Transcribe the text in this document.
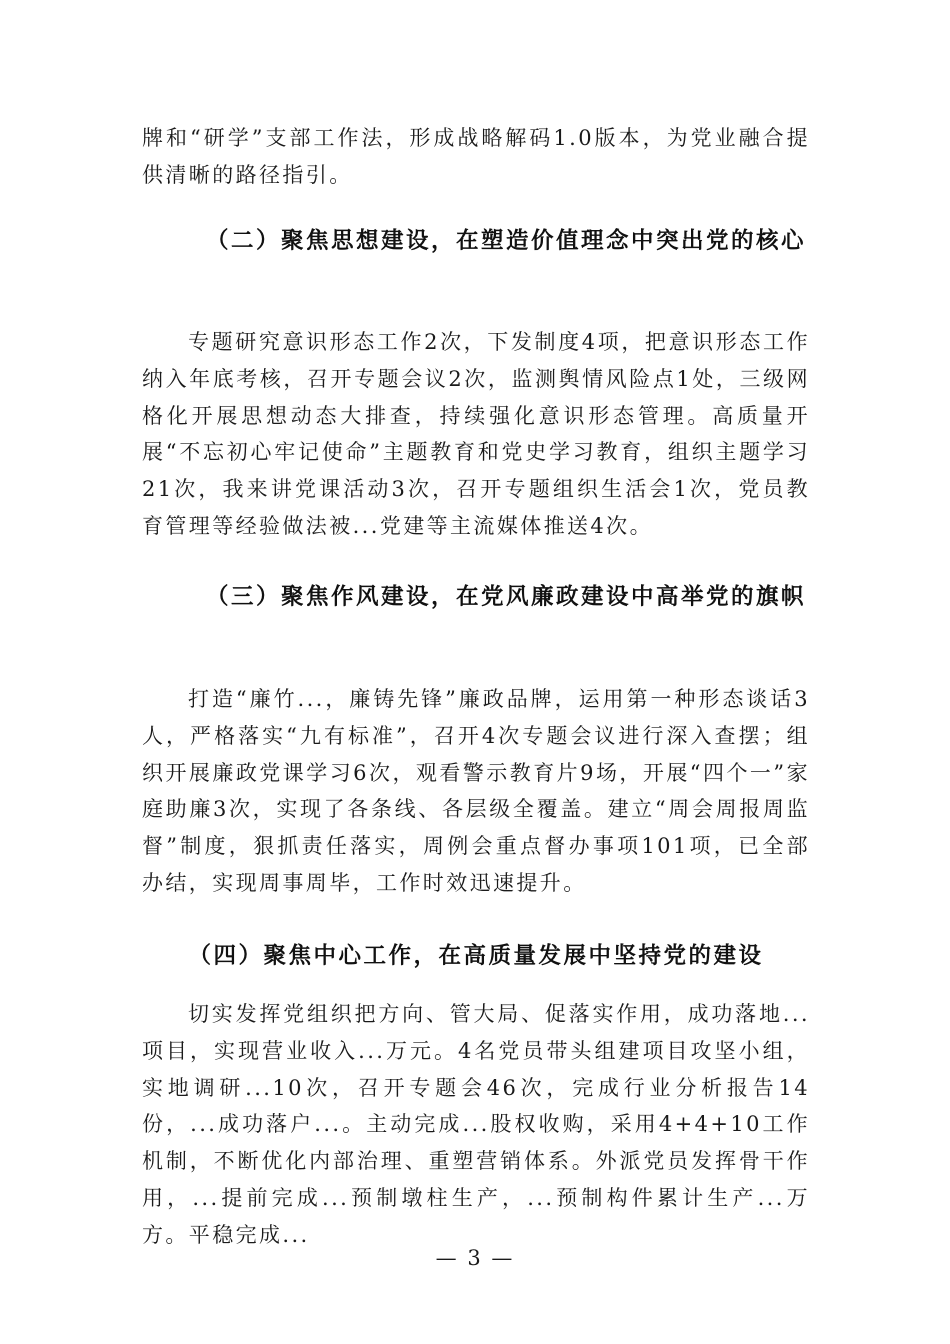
牌和“研学”支部工作法，形成战略解码1.0版本，为党业融合提供清晰的路径指引。

（二）聚焦思想建设，在塑造价值理念中突出党的核心

专题研究意识形态工作2次，下发制度4项，把意识形态工作纳入年底考核，召开专题会议2次，监测舆情风险点1处，三级网格化开展思想动态大排查，持续强化意识形态管理。高质量开展“不忘初心牢记使命”主题教育和党史学习教育，组织主题学习21次，我来讲党课活动3次，召开专题组织生活会1次，党员教育管理等经验做法被...党建等主流媒体推送4次。

（三）聚焦作风建设，在党风廉政建设中高举党的旗帜

打造“廉竹...，廉铸先锋”廉政品牌，运用第一种形态谈话3人，严格落实“九有标准”，召开4次专题会议进行深入查摆；组织开展廉政党课学习6次，观看警示教育片9场，开展“四个一”家庭助廉3次，实现了各条线、各层级全覆盖。建立“周会周报周监督”制度，狠抓责任落实，周例会重点督办事项101项，已全部办结，实现周事周毕，工作时效迅速提升。

（四）聚焦中心工作，在高质量发展中坚持党的建设

切实发挥党组织把方向、管大局、促落实作用，成功落地...项目，实现营业收入...万元。4名党员带头组建项目攻坚小组，实地调研...10次，召开专题会46次，完成行业分析报告14份，...成功落户...。主动完成...股权收购，采用4+4+10工作机制，不断优化内部治理、重塑营销体系。外派党员发挥骨干作用，...提前完成...预制墩柱生产，...预制构件累计生产...万方。平稳完成...

— 3 —
